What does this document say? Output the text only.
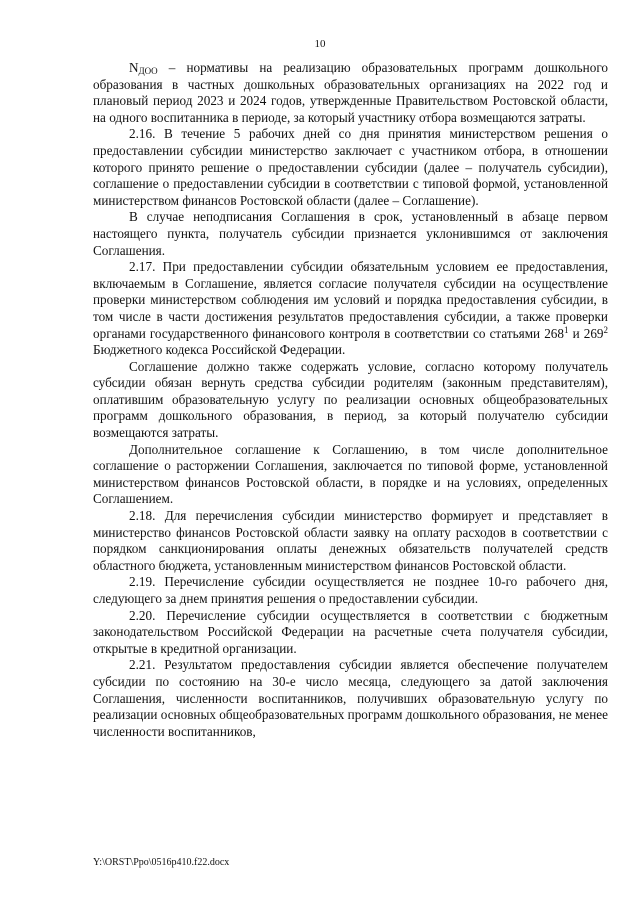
10

$N_{ДОО}$ – нормативы на реализацию образовательных программ дошкольного образования в частных дошкольных образовательных организациях на 2022 год и плановый период 2023 и 2024 годов, утвержденные Правительством Ростовской области, на одного воспитанника в периоде, за который участнику отбора возмещаются затраты.

2.16. В течение 5 рабочих дней со дня принятия министерством решения о предоставлении субсидии министерство заключает с участником отбора, в отношении которого принято решение о предоставлении субсидии (далее – получатель субсидии), соглашение о предоставлении субсидии в соответствии с типовой формой, установленной министерством финансов Ростовской области (далее – Соглашение).

В случае неподписания Соглашения в срок, установленный в абзаце первом настоящего пункта, получатель субсидии признается уклонившимся от заключения Соглашения.

2.17. При предоставлении субсидии обязательным условием ее предоставления, включаемым в Соглашение, является согласие получателя субсидии на осуществление проверки министерством соблюдения им условий и порядка предоставления субсидии, в том числе в части достижения результатов предоставления субсидии, а также проверки органами государственного финансового контроля в соответствии со статьями $268^1$ и $269^2$ Бюджетного кодекса Российской Федерации.

Соглашение должно также содержать условие, согласно которому получатель субсидии обязан вернуть средства субсидии родителям (законным представителям), оплатившим образовательную услугу по реализации основных общеобразовательных программ дошкольного образования, в период, за который получателю субсидии возмещаются затраты.

Дополнительное соглашение к Соглашению, в том числе дополнительное соглашение о расторжении Соглашения, заключается по типовой форме, установленной министерством финансов Ростовской области, в порядке и на условиях, определенных Соглашением.

2.18. Для перечисления субсидии министерство формирует и представляет в министерство финансов Ростовской области заявку на оплату расходов в соответствии с порядком санкционирования оплаты денежных обязательств получателей средств областного бюджета, установленным министерством финансов Ростовской области.

2.19. Перечисление субсидии осуществляется не позднее 10-го рабочего дня, следующего за днем принятия решения о предоставлении субсидии.

2.20. Перечисление субсидии осуществляется в соответствии с бюджетным законодательством Российской Федерации на расчетные счета получателя субсидии, открытые в кредитной организации.

2.21. Результатом предоставления субсидии является обеспечение получателем субсидии по состоянию на 30-е число месяца, следующего за датой заключения Соглашения, численности воспитанников, получивших образовательную услугу по реализации основных общеобразовательных программ дошкольного образования, не менее численности воспитанников,

Y:\ORST\Ppo\0516p410.f22.docx
